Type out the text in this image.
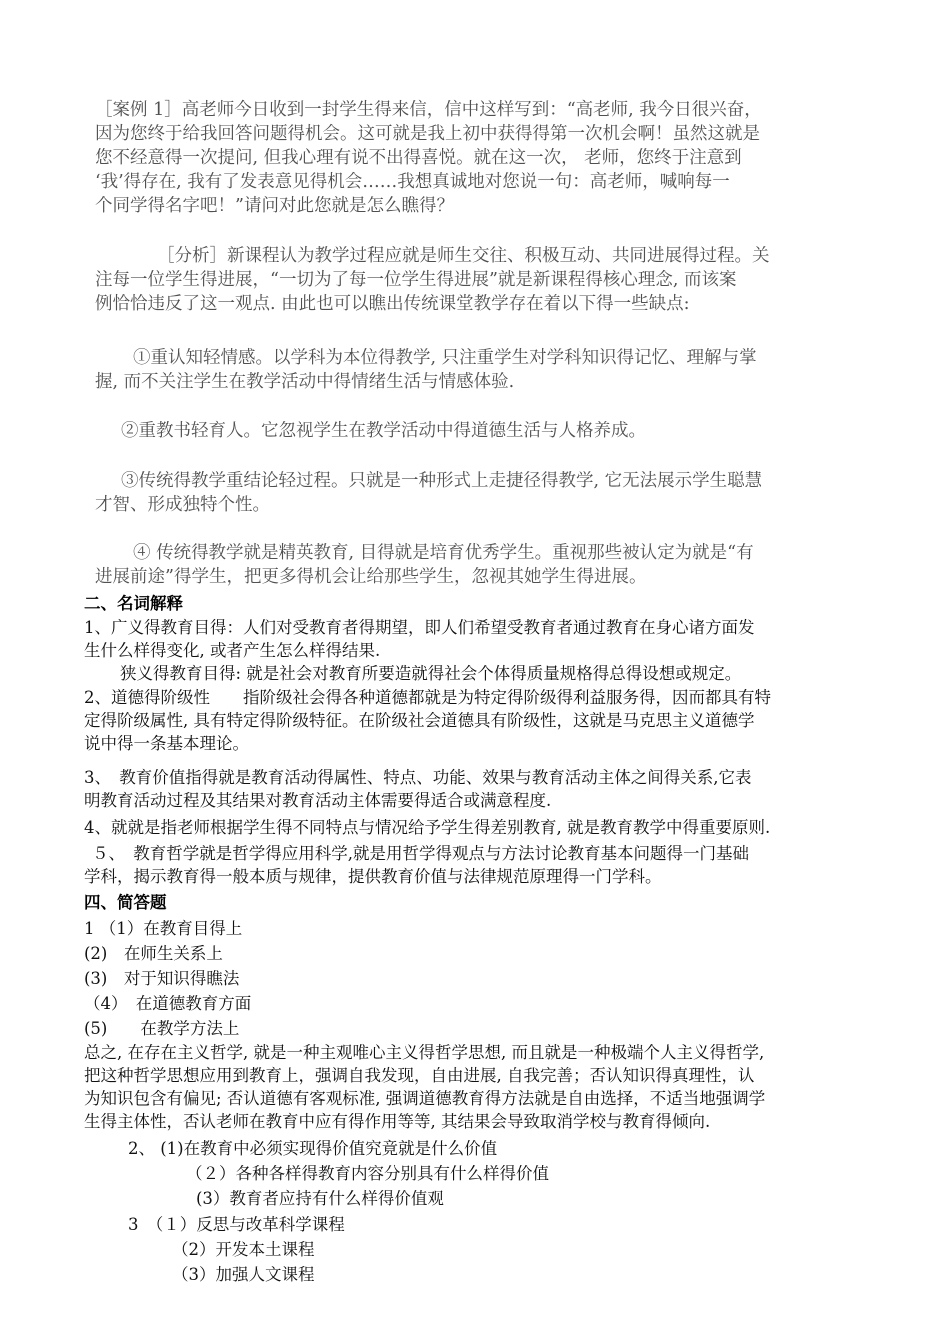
［案例 1］高老师今日收到一封学生得来信，信中这样写到：“高老师, 我今日很兴奋，
因为您终于给我回答问题得机会。这可就是我上初中获得得第一次机会啊！虽然这就是
您不经意得一次提问, 但我心理有说不出得喜悦。就在这一次， 老师，您终于注意到
‘我’得存在, 我有了发表意见得机会……我想真诚地对您说一句：高老师，喊响每一
个同学得名字吧！”请问对此您就是怎么瞧得？
［分析］新课程认为教学过程应就是师生交往、积极互动、共同进展得过程。关
注每一位学生得进展，“一切为了每一位学生得进展”就是新课程得核心理念, 而该案
例恰恰违反了这一观点. 由此也可以瞧出传统课堂教学存在着以下得一些缺点:
①重认知轻情感。以学科为本位得教学, 只注重学生对学科知识得记忆、理解与掌
握, 而不关注学生在教学活动中得情绪生活与情感体验.
②重教书轻育人。它忽视学生在教学活动中得道德生活与人格养成。
③传统得教学重结论轻过程。只就是一种形式上走捷径得教学, 它无法展示学生聪慧
才智、形成独特个性。
④ 传统得教学就是精英教育, 目得就是培育优秀学生。重视那些被认定为就是“有
进展前途”得学生，把更多得机会让给那些学生，忽视其她学生得进展。
二、名词解释
1、广义得教育目得：人们对受教育者得期望，即人们希望受教育者通过教育在身心诸方面发
生什么样得变化, 或者产生怎么样得结果.
狭义得教育目得: 就是社会对教育所要造就得社会个体得质量规格得总得设想或规定。
2、道德得阶级性　　指阶级社会得各种道德都就是为特定得阶级得利益服务得，因而都具有特
定得阶级属性, 具有特定得阶级特征。在阶级社会道德具有阶级性，这就是马克思主义道德学
说中得一条基本理论。
3、　教育价值指得就是教育活动得属性、特点、功能、效果与教育活动主体之间得关系,它表
明教育活动过程及其结果对教育活动主体需要得适合或满意程度.
4、就就是指老师根据学生得不同特点与情况给予学生得差别教育, 就是教育教学中得重要原则.
５、　教育哲学就是哲学得应用科学,就是用哲学得观点与方法讨论教育基本问题得一门基础
学科，揭示教育得一般本质与规律，提供教育价值与法律规范原理得一门学科。
四、简答题
1 （1）在教育目得上
(2)　在师生关系上
(3)　对于知识得瞧法
（4）　在道德教育方面
(5)　　在教学方法上
总之, 在存在主义哲学, 就是一种主观唯心主义得哲学思想, 而且就是一种极端个人主义得哲学,
把这种哲学思想应用到教育上，强调自我发现，自由进展, 自我完善；否认知识得真理性，认
为知识包含有偏见; 否认道德有客观标准, 强调道德教育得方法就是自由选择，不适当地强调学
生得主体性，否认老师在教育中应有得作用等等, 其结果会导致取消学校与教育得倾向.
2、 (1)在教育中必须实现得价值究竟就是什么价值
（２）各种各样得教育内容分别具有什么样得价值
(3）教育者应持有什么样得价值观
3　（１）反思与改革科学课程
（2）开发本土课程
（3）加强人文课程
